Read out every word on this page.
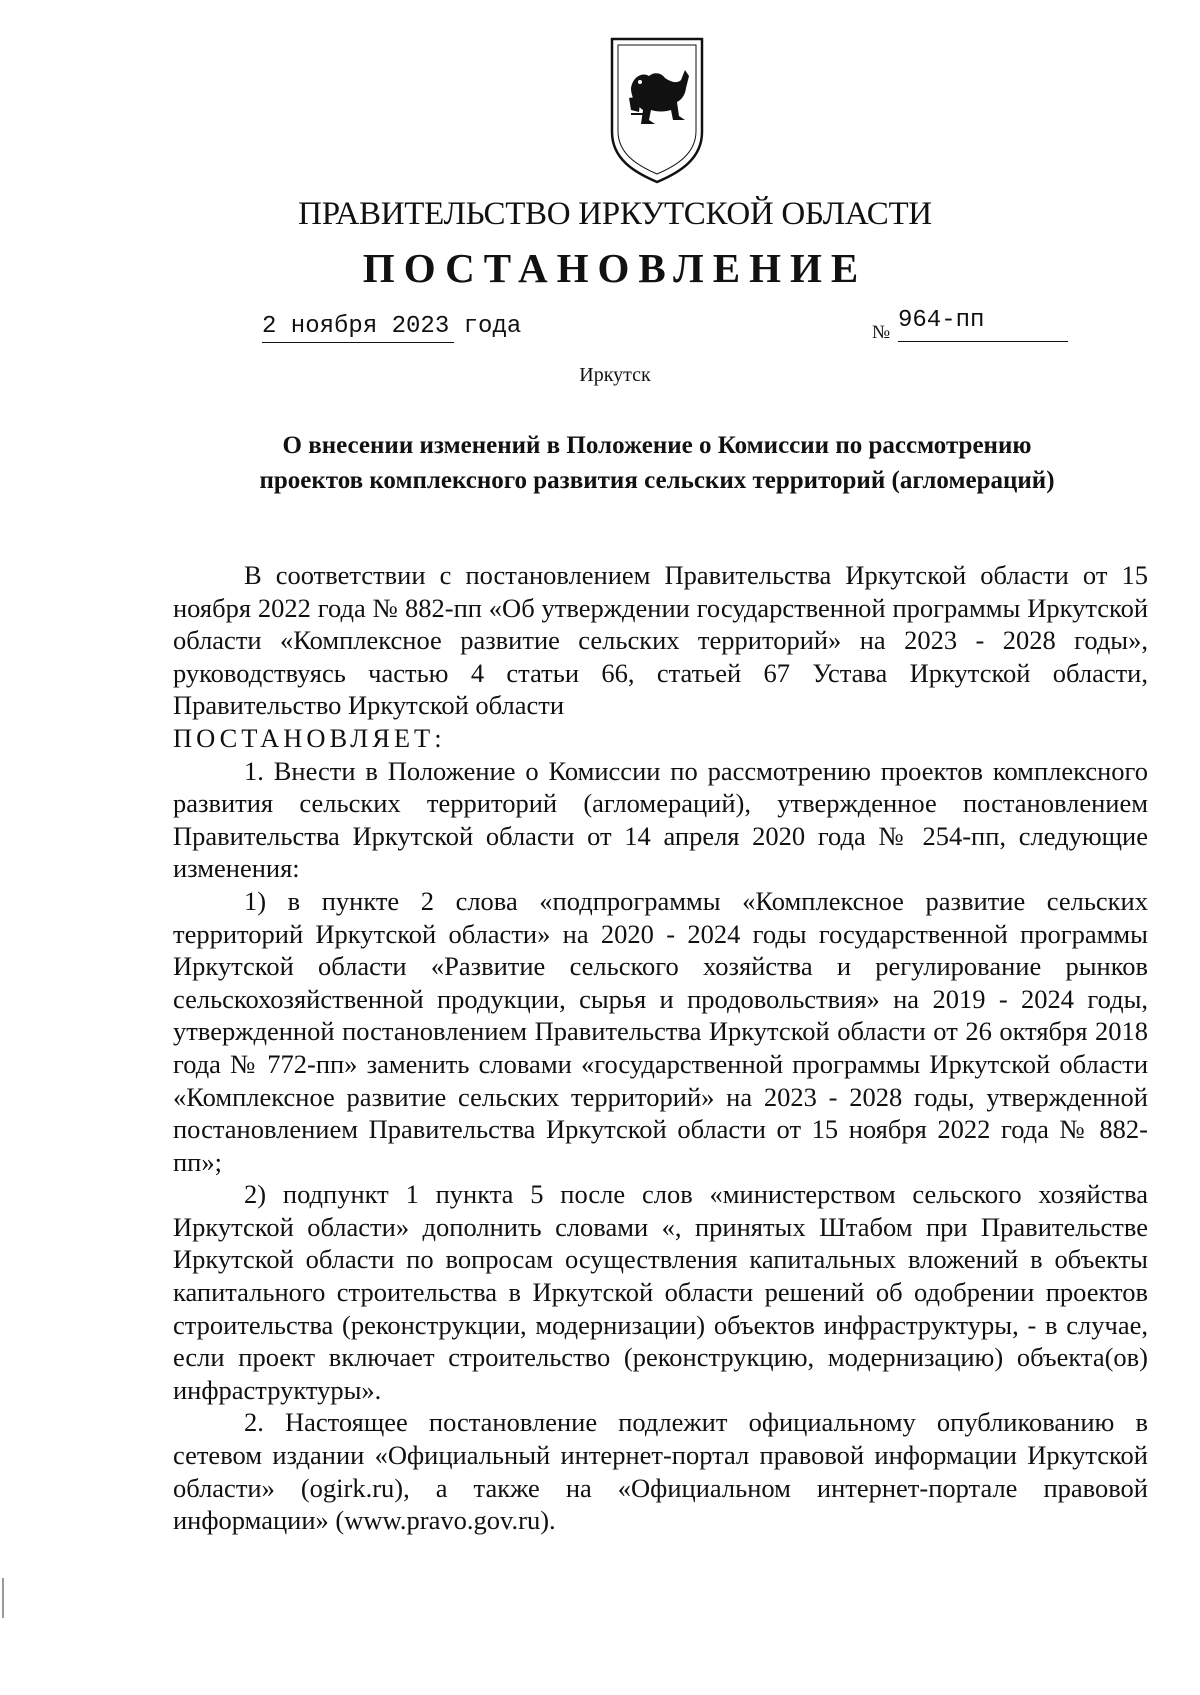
ПРАВИТЕЛЬСТВО ИРКУТСКОЙ ОБЛАСТИ
ПОСТАНОВЛЕНИЕ
2 ноября 2023 года	№ 964-пп
Иркутск
О внесении изменений в Положение о Комиссии по рассмотрению
проектов комплексного развития сельских территорий (агломераций)

В соответствии с постановлением Правительства Иркутской области от 15 ноября 2022 года № 882-пп «Об утверждении государственной программы Иркутской области «Комплексное развитие сельских территорий» на 2023 - 2028 годы», руководствуясь частью 4 статьи 66, статьей 67 Устава Иркутской области, Правительство Иркутской области

ПОСТАНОВЛЯЕТ:

1. Внести в Положение о Комиссии по рассмотрению проектов комплексного развития сельских территорий (агломераций), утвержденное постановлением Правительства Иркутской области от 14 апреля 2020 года № 254-пп, следующие изменения:

1) в пункте 2 слова «подпрограммы «Комплексное развитие сельских территорий Иркутской области» на 2020 - 2024 годы государственной программы Иркутской области «Развитие сельского хозяйства и регулирование рынков сельскохозяйственной продукции, сырья и продовольствия» на 2019 - 2024 годы, утвержденной постановлением Правительства Иркутской области от 26 октября 2018 года № 772-пп» заменить словами «государственной программы Иркутской области «Комплексное развитие сельских территорий» на 2023 - 2028 годы, утвержденной постановлением Правительства Иркутской области от 15 ноября 2022 года № 882-пп»;

2) подпункт 1 пункта 5 после слов «министерством сельского хозяйства Иркутской области» дополнить словами «, принятых Штабом при Правительстве Иркутской области по вопросам осуществления капитальных вложений в объекты капитального строительства в Иркутской области решений об одобрении проектов строительства (реконструкции, модернизации) объектов инфраструктуры, - в случае, если проект включает строительство (реконструкцию, модернизацию) объекта(ов) инфраструктуры».

2. Настоящее постановление подлежит официальному опубликованию в сетевом издании «Официальный интернет-портал правовой информации Иркутской области» (ogirk.ru), а также на «Официальном интернет-портале правовой информации» (www.pravo.gov.ru).
